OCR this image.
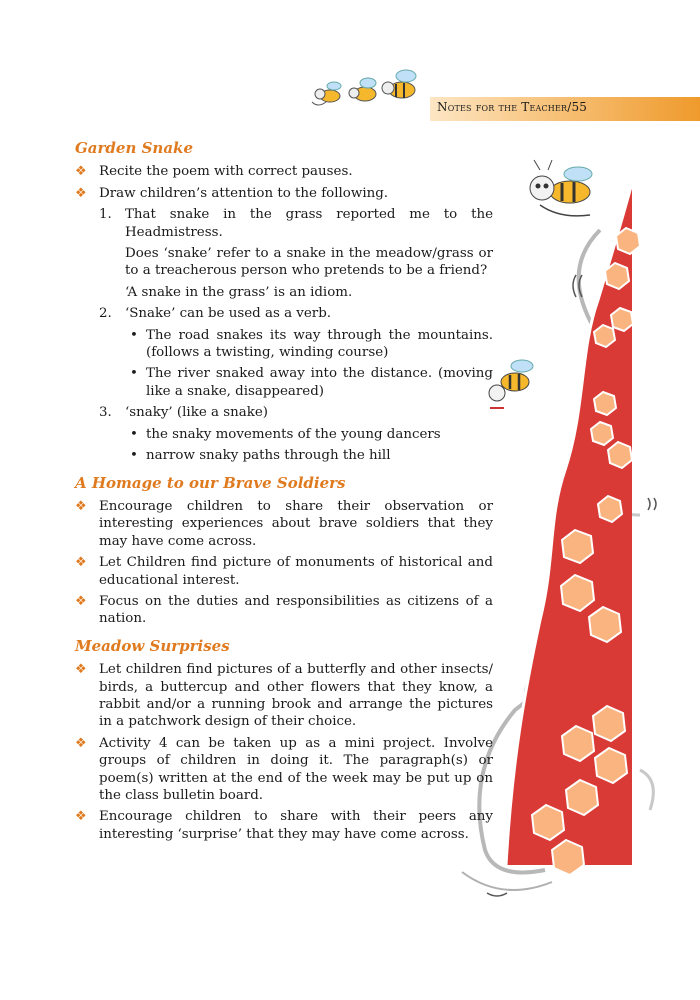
Notes for the Teacher/55
Garden Snake
❖ Recite the poem with correct pauses.
❖ Draw children’s attention to the following.
1. That snake in the grass reported me to the Headmistress.
Does ‘snake’ refer to a snake in the meadow/grass or to a treacherous person who pretends to be a friend?
‘A snake in the grass’ is an idiom.
2. ‘Snake’ can be used as a verb.
• The road snakes its way through the mountains. (follows a twisting, winding course)
• The river snaked away into the distance. (moving like a snake, disappeared)
3. ‘snaky’ (like a snake)
• the snaky movements of the young dancers
• narrow snaky paths through the hill
A Homage to our Brave Soldiers
❖ Encourage children to share their observation or interesting experiences about brave soldiers that they may have come across.
❖ Let Children find picture of monuments of historical and educational interest.
❖ Focus on the duties and responsibilities as citizens of a nation.
Meadow Surprises
❖ Let children find pictures of a butterfly and other insects/ birds, a buttercup and other flowers that they know, a rabbit and/or a running brook and arrange the pictures in a patchwork design of their choice.
❖ Activity 4 can be taken up as a mini project. Involve groups of children in doing it. The paragraph(s) or poem(s) written at the end of the week may be put up on the class bulletin board.
❖ Encourage children to share with their peers any interesting ‘surprise’ that they may have come across.
